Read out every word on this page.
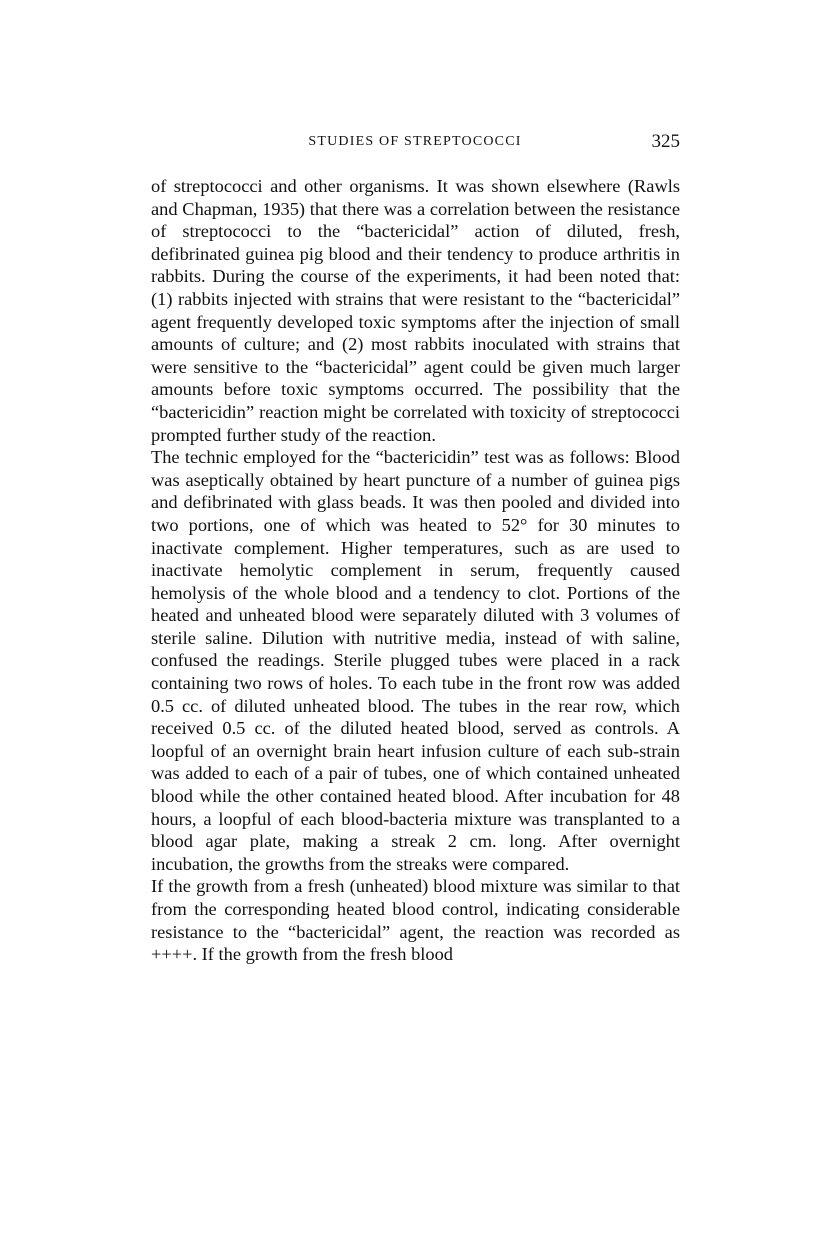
STUDIES OF STREPTOCOCCI	325

of streptococci and other organisms. It was shown elsewhere (Rawls and Chapman, 1935) that there was a correlation between the resistance of streptococci to the “bactericidal” action of diluted, fresh, defibrinated guinea pig blood and their tendency to produce arthritis in rabbits. During the course of the experiments, it had been noted that: (1) rabbits injected with strains that were resistant to the “bactericidal” agent frequently developed toxic symptoms after the injection of small amounts of culture; and (2) most rabbits inoculated with strains that were sensitive to the “bactericidal” agent could be given much larger amounts before toxic symptoms occurred. The possibility that the “bactericidin” reaction might be correlated with toxicity of streptococci prompted further study of the reaction.

The technic employed for the “bactericidin” test was as follows: Blood was aseptically obtained by heart puncture of a number of guinea pigs and defibrinated with glass beads. It was then pooled and divided into two portions, one of which was heated to 52° for 30 minutes to inactivate complement. Higher temperatures, such as are used to inactivate hemolytic complement in serum, frequently caused hemolysis of the whole blood and a tendency to clot. Portions of the heated and unheated blood were separately diluted with 3 volumes of sterile saline. Dilution with nutritive media, instead of with saline, confused the readings. Sterile plugged tubes were placed in a rack containing two rows of holes. To each tube in the front row was added 0.5 cc. of diluted unheated blood. The tubes in the rear row, which received 0.5 cc. of the diluted heated blood, served as controls. A loopful of an overnight brain heart infusion culture of each sub-strain was added to each of a pair of tubes, one of which contained unheated blood while the other contained heated blood. After incubation for 48 hours, a loopful of each blood-bacteria mixture was transplanted to a blood agar plate, making a streak 2 cm. long. After overnight incubation, the growths from the streaks were compared.

If the growth from a fresh (unheated) blood mixture was similar to that from the corresponding heated blood control, indicating considerable resistance to the “bactericidal” agent, the reaction was recorded as ++++. If the growth from the fresh blood
